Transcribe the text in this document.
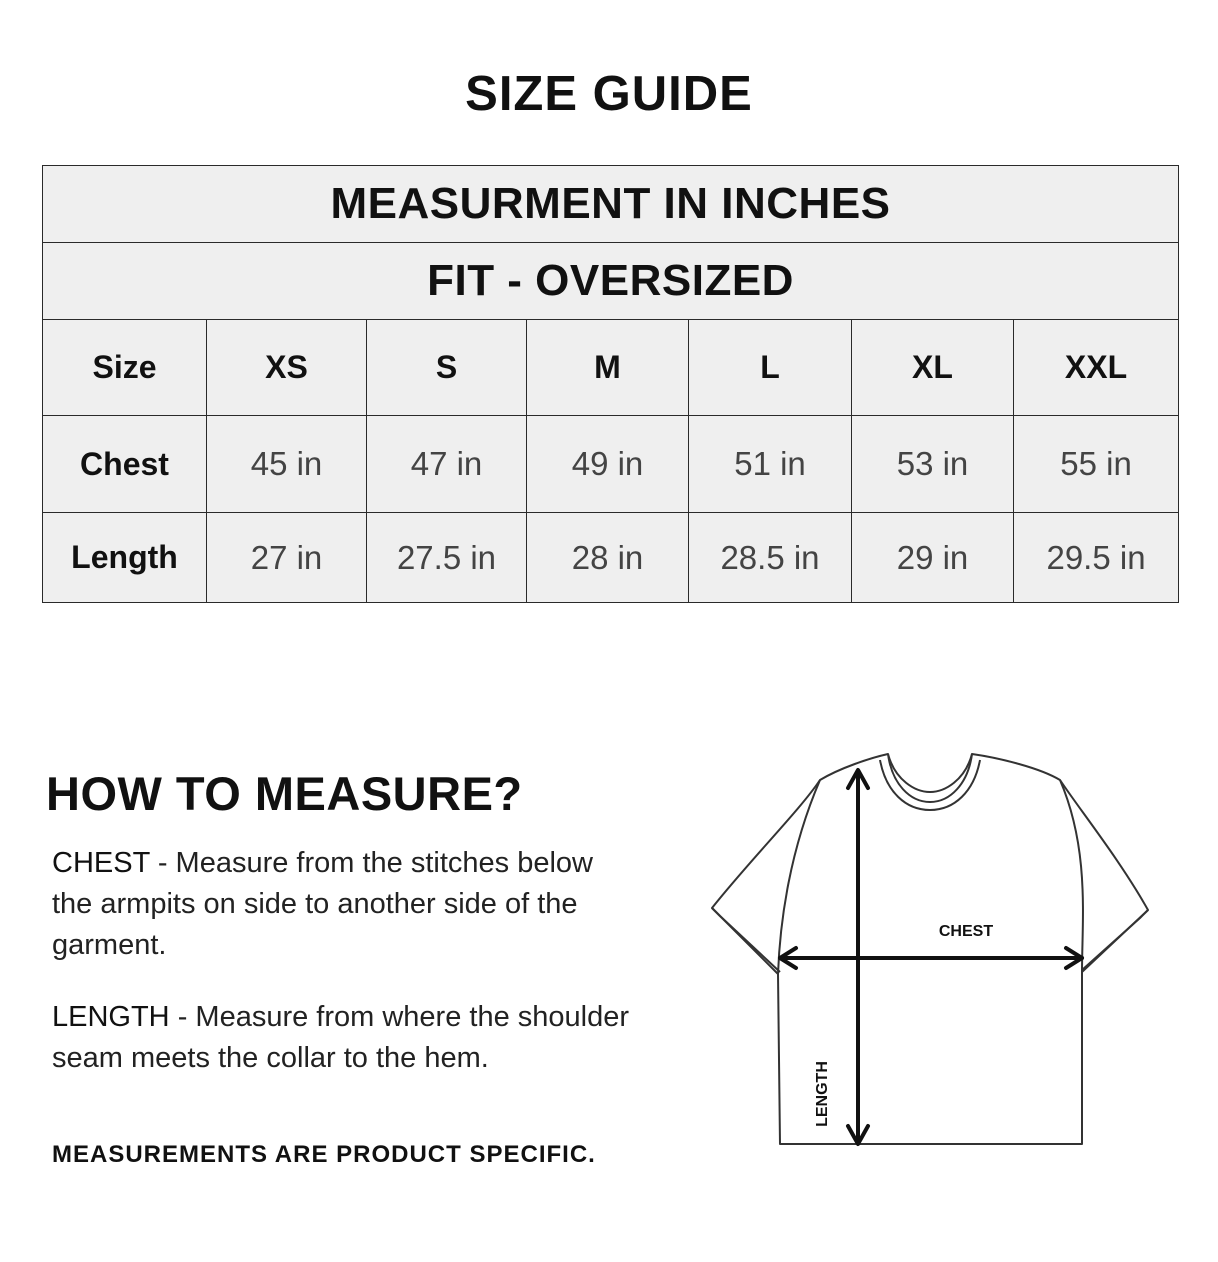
SIZE GUIDE
MEASURMENT IN INCHES						
FIT - OVERSIZED						
Size	XS	S	M	L	XL	XXL
Chest	45 in	47 in	49 in	51 in	53 in	55 in
Length	27 in	27.5 in	28 in	28.5 in	29 in	29.5 in
HOW TO MEASURE?
CHEST - Measure from the stitches below the armpits on side to another side of the garment.
LENGTH - Measure from where the shoulder seam meets the collar to the hem.
MEASUREMENTS ARE PRODUCT SPECIFIC.
CHEST
LENGTH
